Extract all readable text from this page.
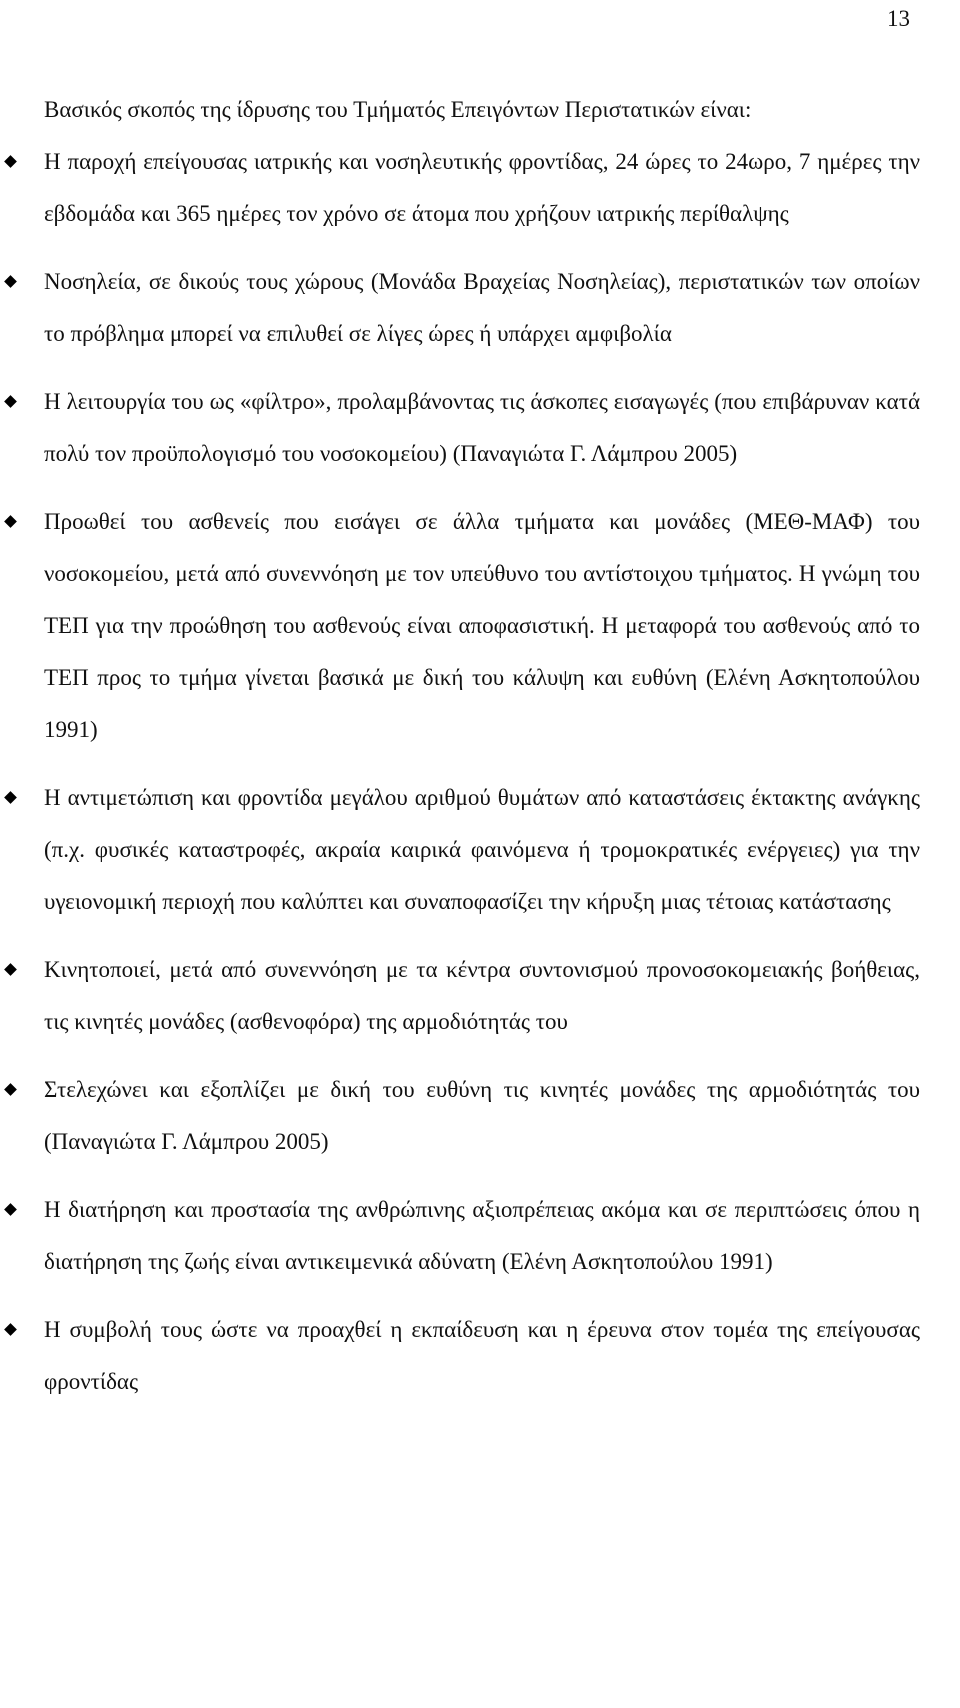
13

Βασικός σκοπός της ίδρυσης του Τμήματός Επειγόντων Περιστατικών είναι:

Η παροχή επείγουσας ιατρικής και νοσηλευτικής φροντίδας, 24 ώρες το 24ωρο, 7 ημέρες την εβδομάδα και 365 ημέρες τον χρόνο σε άτομα που χρήζουν ιατρικής περίθαλψης
Νοσηλεία, σε δικούς τους χώρους (Μονάδα Βραχείας Νοσηλείας), περιστατικών των οποίων το πρόβλημα μπορεί να επιλυθεί σε λίγες ώρες ή υπάρχει αμφιβολία
Η λειτουργία του ως «φίλτρο», προλαμβάνοντας τις άσκοπες εισαγωγές (που επιβάρυναν κατά πολύ τον προϋπολογισμό του νοσοκομείου) (Παναγιώτα Γ. Λάμπρου 2005)
Προωθεί του ασθενείς που εισάγει σε άλλα τμήματα και μονάδες (ΜΕΘ-ΜΑΦ) του νοσοκομείου, μετά από συνεννόηση με τον υπεύθυνο του αντίστοιχου τμήματος. Η γνώμη του ΤΕΠ για την προώθηση του ασθενούς είναι αποφασιστική. Η μεταφορά του ασθενούς από το ΤΕΠ προς το τμήμα γίνεται βασικά με δική του κάλυψη και ευθύνη (Ελένη Ασκητοπούλου 1991)
Η αντιμετώπιση και φροντίδα μεγάλου αριθμού θυμάτων από καταστάσεις έκτακτης ανάγκης (π.χ. φυσικές καταστροφές, ακραία καιρικά φαινόμενα ή τρομοκρατικές ενέργειες) για την υγειονομική περιοχή που καλύπτει και συναποφασίζει την κήρυξη μιας τέτοιας κατάστασης
Κινητοποιεί, μετά από συνεννόηση με τα κέντρα συντονισμού προνοσοκομειακής βοήθειας, τις κινητές μονάδες (ασθενοφόρα) της αρμοδιότητάς του
Στελεχώνει και εξοπλίζει με δική του ευθύνη τις κινητές μονάδες της αρμοδιότητάς του (Παναγιώτα Γ. Λάμπρου 2005)
Η διατήρηση και προστασία της ανθρώπινης αξιοπρέπειας ακόμα και σε περιπτώσεις όπου η διατήρηση της ζωής είναι αντικειμενικά αδύνατη (Ελένη Ασκητοπούλου 1991)
Η συμβολή τους ώστε να προαχθεί η εκπαίδευση και η έρευνα στον τομέα της επείγουσας φροντίδας
